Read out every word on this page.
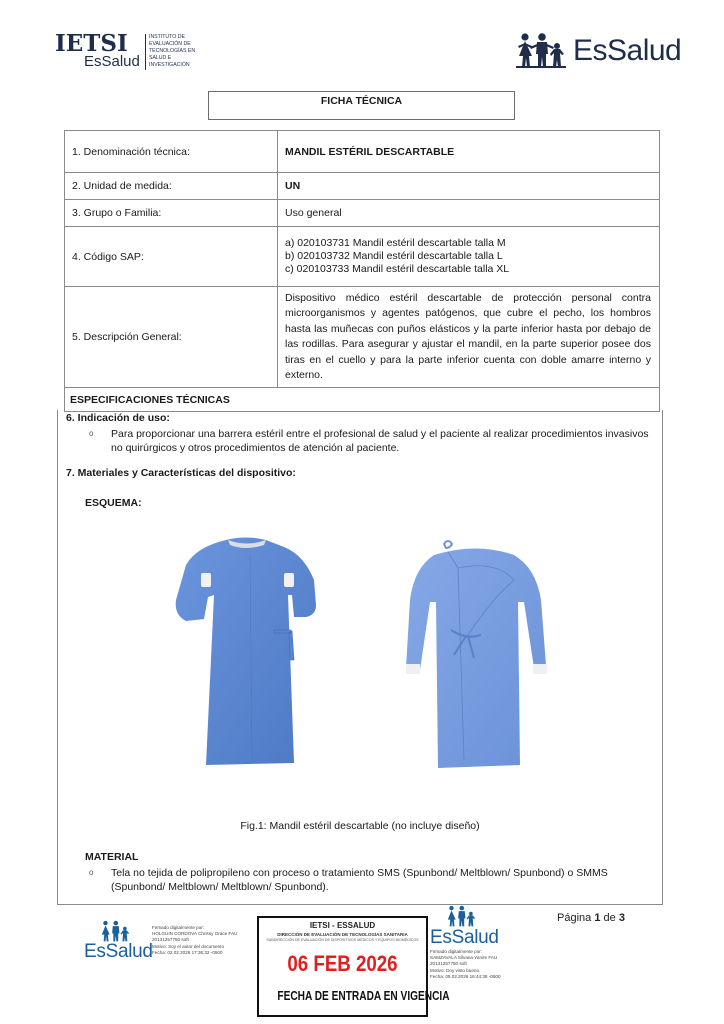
IETSI
EsSalud
INSTITUTO DE
EVALUACIÓN DE
TECNOLOGÍAS EN
SALUD E
INVESTIGACIÓN	EsSalud
FICHA TÉCNICA
1. Denominación técnica:	MANDIL ESTÉRIL DESCARTABLE
2. Unidad de medida:	UN
3. Grupo o Familia:	Uso general
4. Código SAP:	a) 020103731 Mandil estéril descartable talla M
b) 020103732 Mandil estéril descartable talla L
c) 020103733 Mandil estéril descartable talla XL

5. Descripción General:	Dispositivo médico estéril descartable de protección personal contra microorganismos y agentes patógenos, que cubre el pecho, los hombros hasta las muñecas con puños elásticos y la parte inferior hasta por debajo de las rodillas. Para asegurar y ajustar el mandil, en la parte superior posee dos tiras en el cuello y para la parte inferior cuenta con doble amarre interno y externo.
ESPECIFICACIONES TÉCNICAS	
6. Indicación de uso:
o Para proporcionar una barrera estéril entre el profesional de salud y el paciente al realizar procedimientos invasivos no quirúrgicos y otros procedimientos de atención al paciente.
7. Materiales y Características del dispositivo:
ESQUEMA:
Fig.1: Mandil estéril descartable (no incluye diseño)
MATERIAL
o Tela no tejida de polipropileno con proceso o tratamiento SMS (Spunbond/ Meltblown/ Spunbond) o SMMS (Spunbond/ Meltblown/ Meltblown/ Spunbond).
Página 1 de 3
EsSalud
Firmado digitalmente por:
HOLGUIN CORDOVA Chrissy Grace FAU
20131257750 soft
Motivo: Soy el autor del documento
Fecha: 02.02.2026 17:36:32 -0500
IETSI - ESSALUD
DIRECCIÓN DE EVALUACIÓN DE TECNOLOGÍAS SANITARIA
SUBDIRECCIÓN DE EVALUACIÓN DE DISPOSITIVOS MÉDICOS Y EQUIPOS BIOMÉDICOS
06 FEB 2026
FECHA DE ENTRADA EN VIGENCIA
EsSalud
Firmado digitalmente por:
SAMZAVALA Silvana Yanire FAU
20131257750 soft
Motivo: Doy visto bueno.
Fecha: 05.02.2026 16:44:38 -0500
